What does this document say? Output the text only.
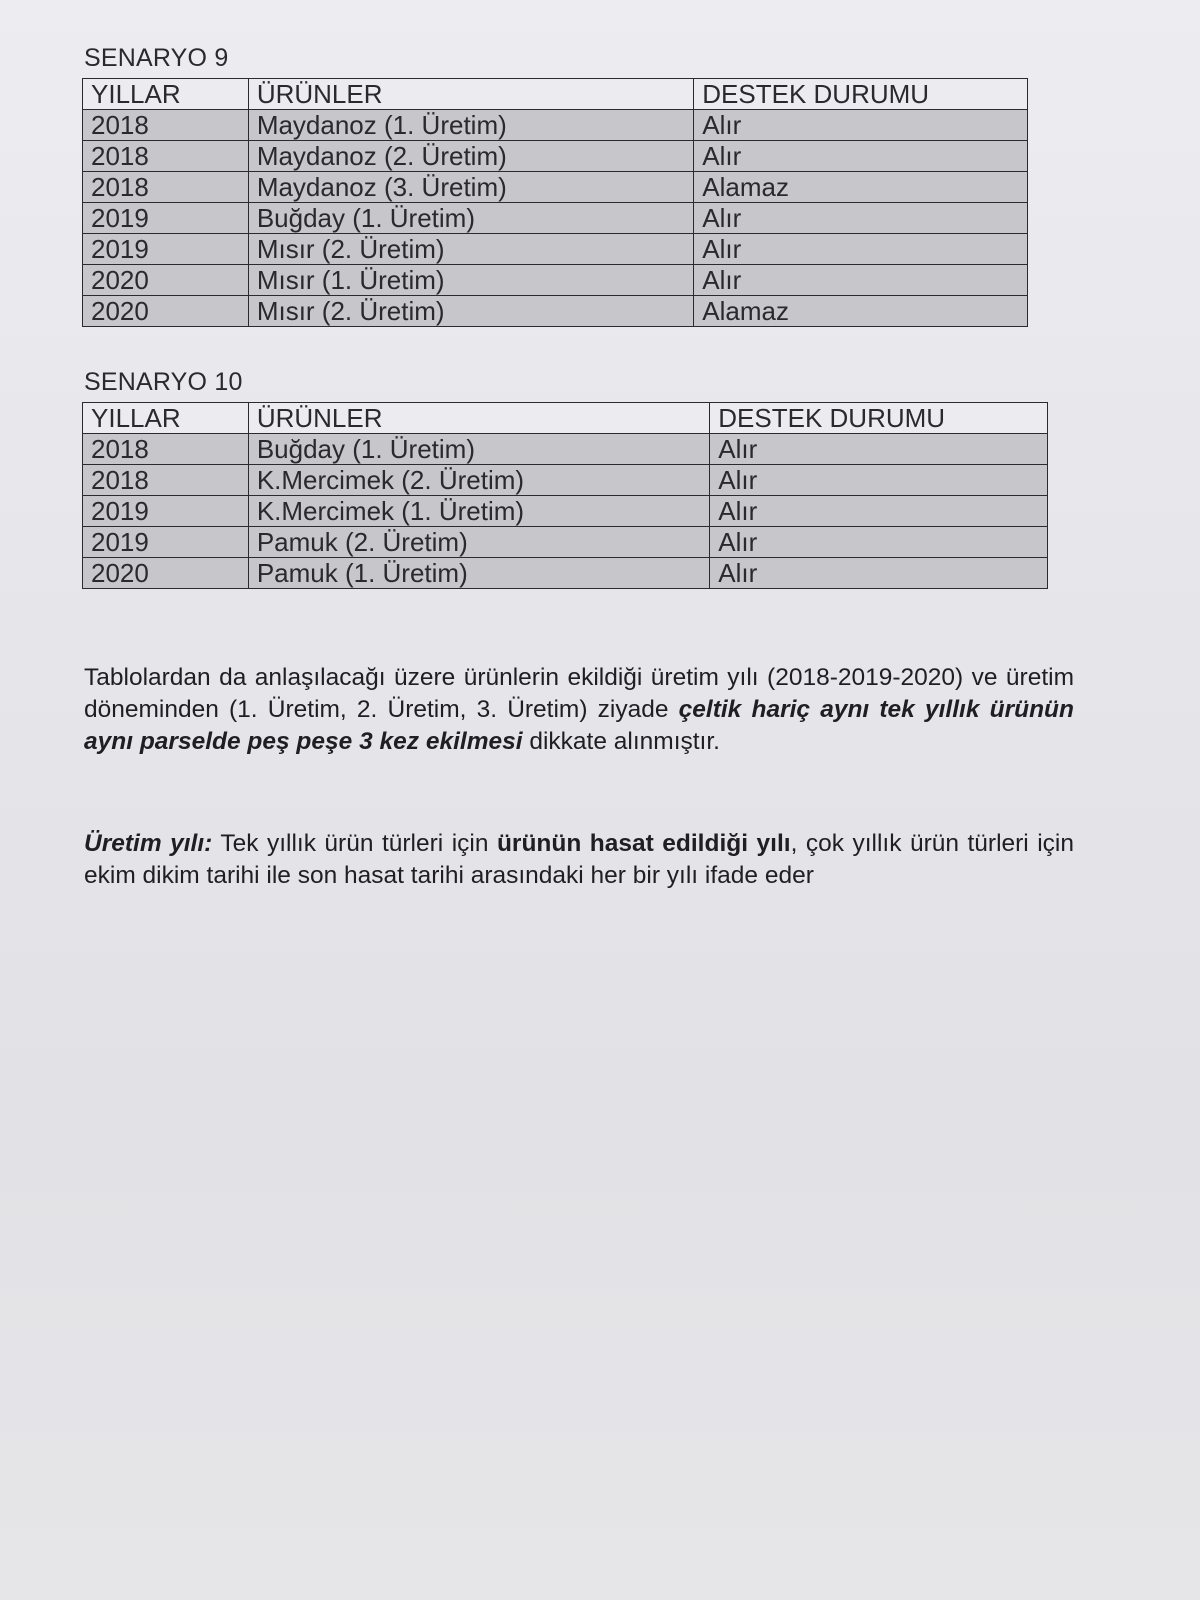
SENARYO 9
YILLAR	ÜRÜNLER	DESTEK DURUMU
2018	Maydanoz (1. Üretim)	Alır
2018	Maydanoz (2. Üretim)	Alır
2018	Maydanoz (3. Üretim)	Alamaz
2019	Buğday (1. Üretim)	Alır
2019	Mısır (2. Üretim)	Alır
2020	Mısır (1. Üretim)	Alır
2020	Mısır (2. Üretim)	Alamaz
SENARYO 10
YILLAR	ÜRÜNLER	DESTEK DURUMU
2018	Buğday (1. Üretim)	Alır
2018	K.Mercimek (2. Üretim)	Alır
2019	K.Mercimek (1. Üretim)	Alır
2019	Pamuk (2. Üretim)	Alır
2020	Pamuk (1. Üretim)	Alır

Tablolardan da anlaşılacağı üzere ürünlerin ekildiği üretim yılı (2018-2019-2020) ve üretim döneminden (1. Üretim, 2. Üretim, 3. Üretim) ziyade çeltik hariç aynı tek yıllık ürünün aynı parselde peş peşe 3 kez ekilmesi dikkate alınmıştır.

Üretim yılı: Tek yıllık ürün türleri için ürünün hasat edildiği yılı, çok yıllık ürün türleri için ekim dikim tarihi ile son hasat tarihi arasındaki her bir yılı ifade eder
